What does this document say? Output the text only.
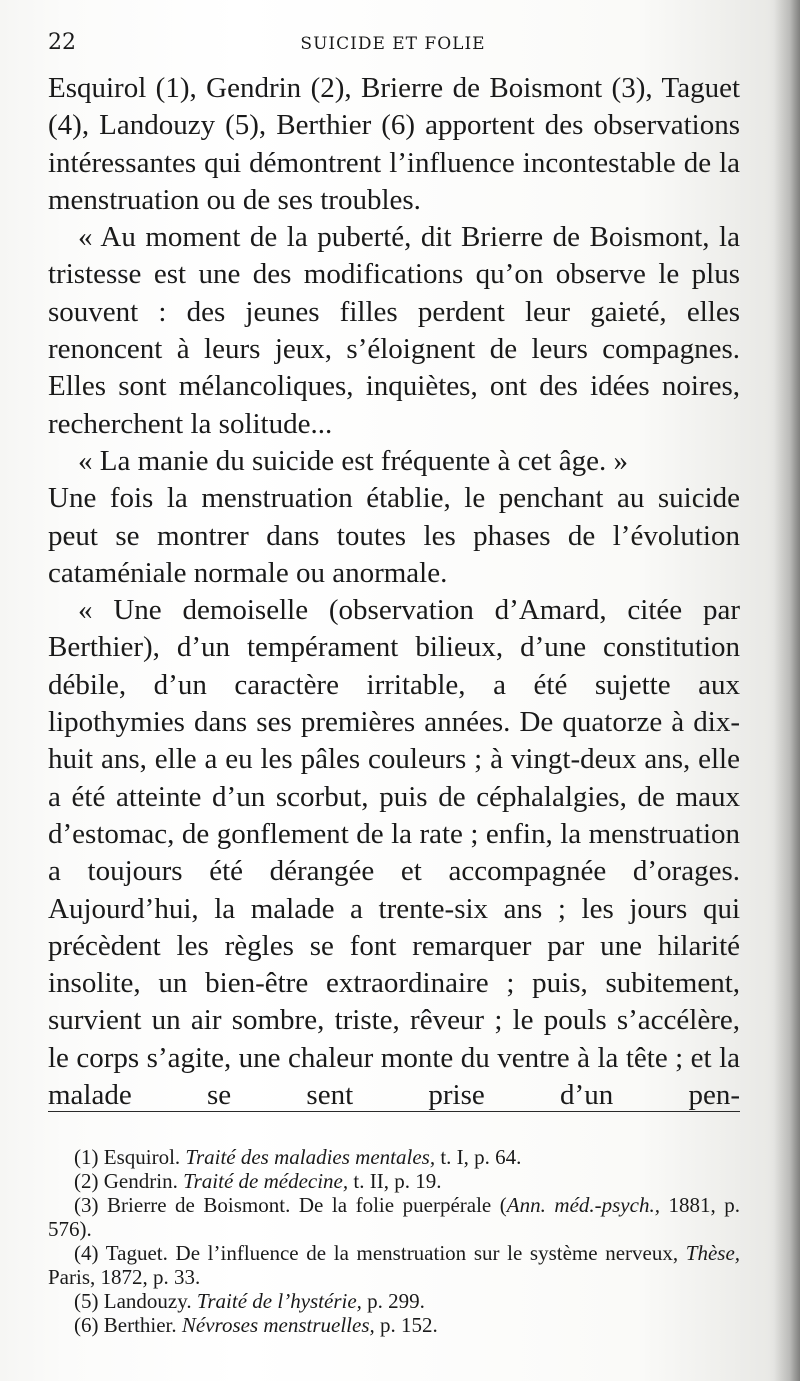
22	SUICIDE ET FOLIE

Esquirol (1), Gendrin (2), Brierre de Boismont (3), Taguet (4), Landouzy (5), Berthier (6) apportent des observations intéressantes qui démontrent l’influence incontestable de la menstruation ou de ses troubles.

« Au moment de la puberté, dit Brierre de Boismont, la tristesse est une des modifications qu’on observe le plus souvent : des jeunes filles perdent leur gaieté, elles renoncent à leurs jeux, s’éloignent de leurs compagnes. Elles sont mélancoliques, inquiètes, ont des idées noires, recherchent la solitude...

« La manie du suicide est fréquente à cet âge. »

Une fois la menstruation établie, le penchant au suicide peut se montrer dans toutes les phases de l’évolution cataméniale normale ou anormale.

« Une demoiselle (observation d’Amard, citée par Berthier), d’un tempérament bilieux, d’une constitution débile, d’un caractère irritable, a été sujette aux lipothymies dans ses premières années. De quatorze à dix-huit ans, elle a eu les pâles couleurs ; à vingt-deux ans, elle a été atteinte d’un scorbut, puis de céphalalgies, de maux d’estomac, de gonflement de la rate ; enfin, la menstruation a toujours été dérangée et accompagnée d’orages. Aujourd’hui, la malade a trente-six ans ; les jours qui précèdent les règles se font remarquer par une hilarité insolite, un bien-être extraordinaire ; puis, subitement, survient un air sombre, triste, rêveur ; le pouls s’accélère, le corps s’agite, une chaleur monte du ventre à la tête ; et la malade se sent prise d’un pen-

(1) Esquirol. Traité des maladies mentales, t. I, p. 64.

(2) Gendrin. Traité de médecine, t. II, p. 19.

(3) Brierre de Boismont. De la folie puerpérale (Ann. méd.-psych., 1881, p. 576).

(4) Taguet. De l’influence de la menstruation sur le système nerveux, Thèse, Paris, 1872, p. 33.

(5) Landouzy. Traité de l’hystérie, p. 299.

(6) Berthier. Névroses menstruelles, p. 152.
